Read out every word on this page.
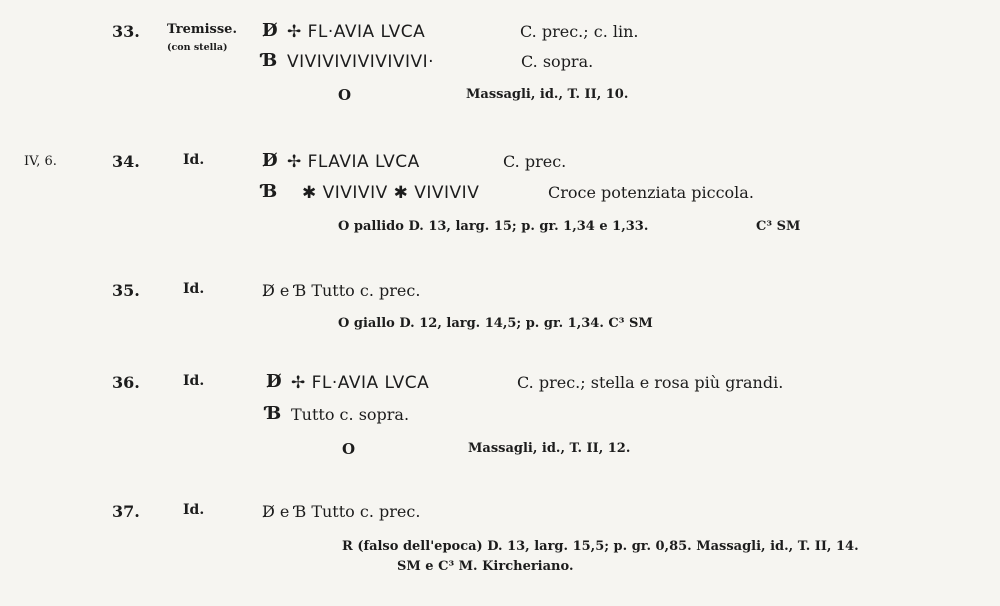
33. Tremisse.
(con stella)
D̸ ✢ FL·AVIA LVCA	C. prec.; c. lin.
Ɓ VIVIVIVIVIVIVIVI·	C. sopra.
O	Massagli, id., T. II, 10.
IV, 6.	34.	Id.	D̸ ✢ FLAVIA LVCA	C. prec.
Ɓ ✱ VIVIVIV ✱ VIVIVIV	Croce potenziata piccola.
O pallido D. 13, larg. 15; p. gr. 1,34 e 1,33.	C³ SM
35.	Id.	D̸ e Ɓ Tutto c. prec.
O giallo D. 12, larg. 14,5; p. gr. 1,34. C³ SM
36.	Id.	D̸ ✢ FL·AVIA LVCA	C. prec.; stella e rosa più grandi.
Ɓ Tutto c. sopra.
O	Massagli, id., T. II, 12.
37.	Id.	D̸ e Ɓ Tutto c. prec.
R (falso dell'epoca) D. 13, larg. 15,5; p. gr. 0,85. Massagli, id., T. II, 14.
SM e C³ M. Kircheriano.
